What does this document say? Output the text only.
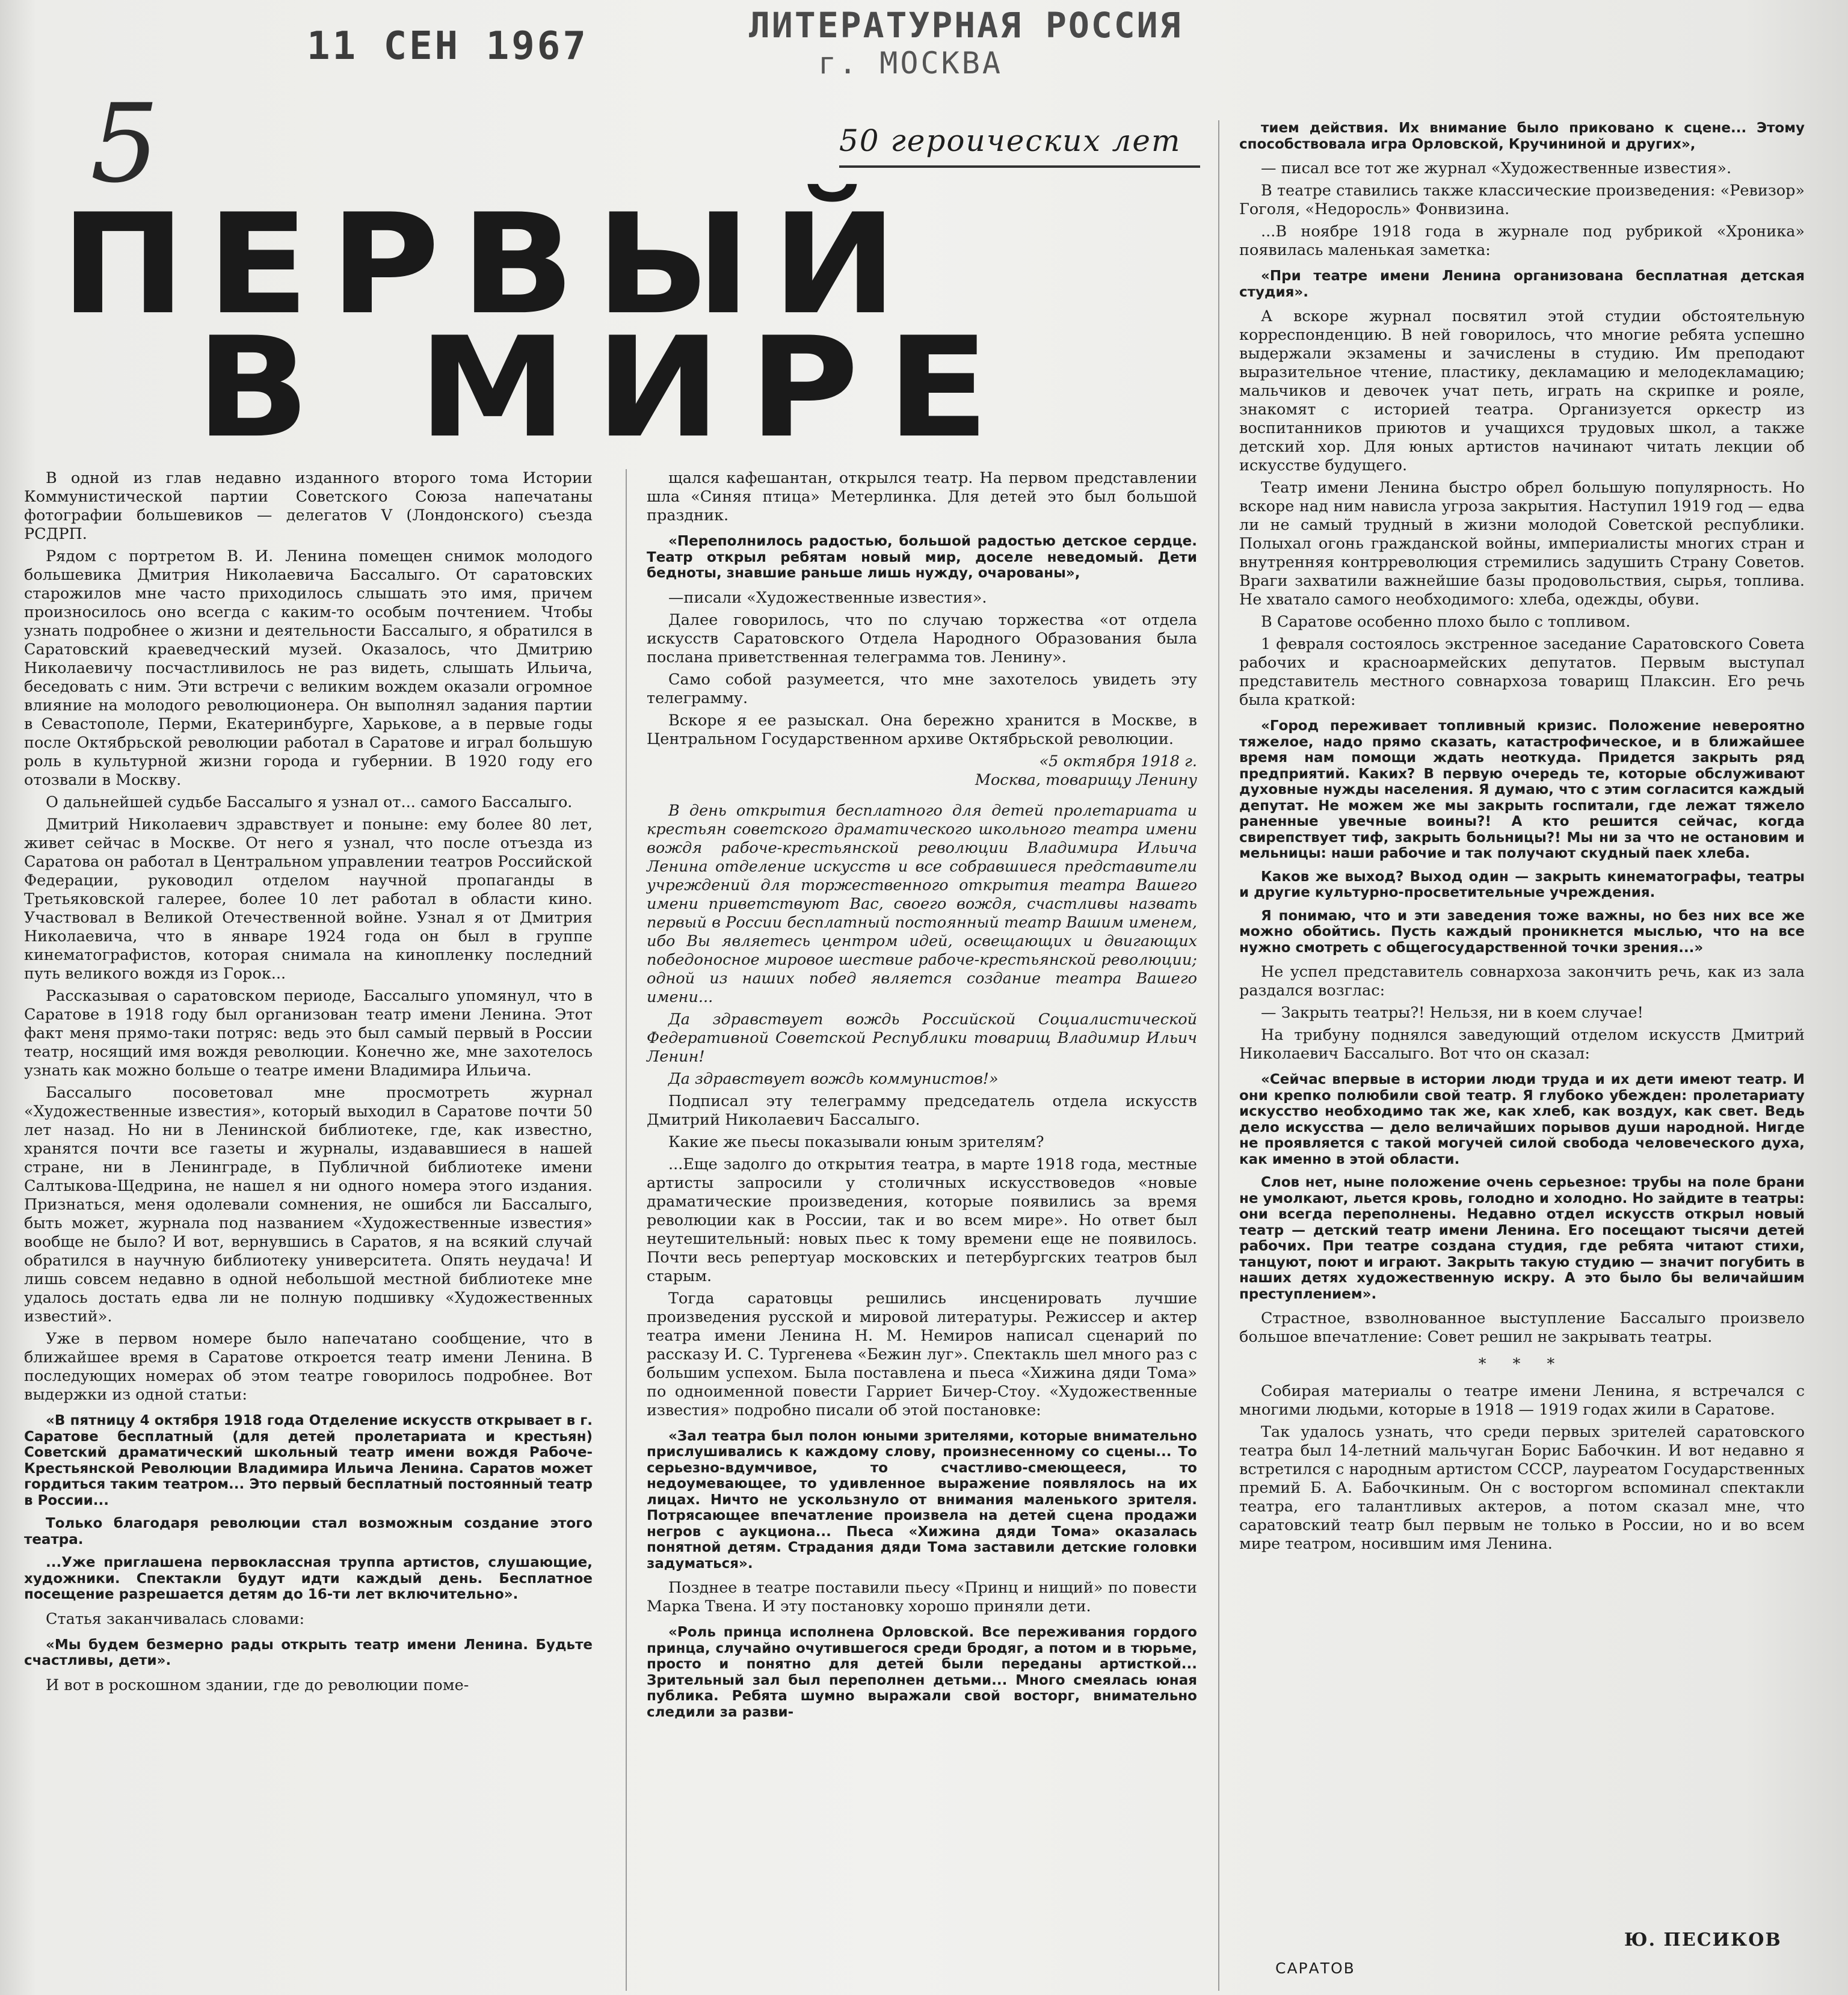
11 СЕН 1967	ЛИТЕРАТУРНАЯ РОССИЯ
г. МОСКВА
5	50 героических лет
ПЕРВЫЙ
В МИРЕ

В одной из глав недавно изданного второго тома Истории Коммунистической партии Советского Союза напечатаны фотографии большевиков — делегатов V (Лондонского) съезда РСДРП.

Рядом с портретом В. И. Ленина помещен снимок молодого большевика Дмитрия Николаевича Бассалыго. От саратовских старожилов мне часто приходилось слышать это имя, причем произносилось оно всегда с каким-то особым почтением. Чтобы узнать подробнее о жизни и деятельности Бассалыго, я обратился в Саратовский краеведческий музей. Оказалось, что Дмитрию Николаевичу посчастливилось не раз видеть, слышать Ильича, беседовать с ним. Эти встречи с великим вождем оказали огромное влияние на молодого революционера. Он выполнял задания партии в Севастополе, Перми, Екатеринбурге, Харькове, а в первые годы после Октябрьской революции работал в Саратове и играл большую роль в культурной жизни города и губернии. В 1920 году его отозвали в Москву.

О дальнейшей судьбе Бассалыго я узнал от... самого Бассалыго.

Дмитрий Николаевич здравствует и поныне: ему более 80 лет, живет сейчас в Москве. От него я узнал, что после отъезда из Саратова он работал в Центральном управлении театров Российской Федерации, руководил отделом научной пропаганды в Третьяковской галерее, более 10 лет работал в области кино. Участвовал в Великой Отечественной войне. Узнал я от Дмитрия Николаевича, что в январе 1924 года он был в группе кинематографистов, которая снимала на кинопленку последний путь великого вождя из Горок...

Рассказывая о саратовском периоде, Бассалыго упомянул, что в Саратове в 1918 году был организован театр имени Ленина. Этот факт меня прямо-таки потряс: ведь это был самый первый в России театр, носящий имя вождя революции. Конечно же, мне захотелось узнать как можно больше о театре имени Владимира Ильича.

Бассалыго посоветовал мне просмотреть журнал «Художественные известия», который выходил в Саратове почти 50 лет назад. Но ни в Ленинской библиотеке, где, как известно, хранятся почти все газеты и журналы, издававшиеся в нашей стране, ни в Ленинграде, в Публичной библиотеке имени Салтыкова-Щедрина, не нашел я ни одного номера этого издания. Признаться, меня одолевали сомнения, не ошибся ли Бассалыго, быть может, журнала под названием «Художественные известия» вообще не было? И вот, вернувшись в Саратов, я на всякий случай обратился в научную библиотеку университета. Опять неудача! И лишь совсем недавно в одной небольшой местной библиотеке мне удалось достать едва ли не полную подшивку «Художественных известий».

Уже в первом номере было напечатано сообщение, что в ближайшее время в Саратове откроется театр имени Ленина. В последующих номерах об этом театре говорилось подробнее. Вот выдержки из одной статьи:

«В пятницу 4 октября 1918 года Отделение искусств открывает в г. Саратове бесплатный (для детей пролетариата и крестьян) Советский драматический школьный театр имени вождя Рабоче-Крестьянской Революции Владимира Ильича Ленина. Саратов может гордиться таким театром... Это первый бесплатный постоянный театр в России...

Только благодаря революции стал возможным создание этого театра.

...Уже приглашена первоклассная труппа артистов, слушающие, художники. Спектакли будут идти каждый день. Бесплатное посещение разрешается детям до 16-ти лет включительно».

Статья заканчивалась словами:

«Мы будем безмерно рады открыть театр имени Ленина. Будьте счастливы, дети».

И вот в роскошном здании, где до революции поме-

щался кафешантан, открылся театр. На первом представлении шла «Синяя птица» Метерлинка. Для детей это был большой праздник.

«Переполнилось радостью, большой радостью детское сердце. Театр открыл ребятам новый мир, доселе неведомый. Дети бедноты, знавшие раньше лишь нужду, очарованы»,

—писали «Художественные известия».

Далее говорилось, что по случаю торжества «от отдела искусств Саратовского Отдела Народного Образования была послана приветственная телеграмма тов. Ленину».

Само собой разумеется, что мне захотелось увидеть эту телеграмму.

Вскоре я ее разыскал. Она бережно хранится в Москве, в Центральном Государственном архиве Октябрьской революции.

«5 октября 1918 г.

Москва, товарищу Ленину

В день открытия бесплатного для детей пролетариата и крестьян советского драматического школьного театра имени вождя рабоче-крестьянской революции Владимира Ильича Ленина отделение искусств и все собравшиеся представители учреждений для торжественного открытия театра Вашего имени приветствуют Вас, своего вождя, счастливы назвать первый в России бесплатный постоянный театр Вашим именем, ибо Вы являетесь центром идей, освещающих и двигающих победоносное мировое шествие рабоче-крестьянской революции; одной из наших побед является создание театра Вашего имени...

Да здравствует вождь Российской Социалистической Федеративной Советской Республики товарищ Владимир Ильич Ленин!

Да здравствует вождь коммунистов!»

Подписал эту телеграмму председатель отдела искусств Дмитрий Николаевич Бассалыго.

Какие же пьесы показывали юным зрителям?

...Еще задолго до открытия театра, в марте 1918 года, местные артисты запросили у столичных искусствоведов «новые драматические произведения, которые появились за время революции как в России, так и во всем мире». Но ответ был неутешительный: новых пьес к тому времени еще не появилось. Почти весь репертуар московских и петербургских театров был старым.

Тогда саратовцы решились инсценировать лучшие произведения русской и мировой литературы. Режиссер и актер театра имени Ленина Н. М. Немиров написал сценарий по рассказу И. С. Тургенева «Бежин луг». Спектакль шел много раз с большим успехом. Была поставлена и пьеса «Хижина дяди Тома» по одноименной повести Гарриет Бичер-Стоу. «Художественные известия» подробно писали об этой постановке:

«Зал театра был полон юными зрителями, которые внимательно прислушивались к каждому слову, произнесенному со сцены... То серьезно-вдумчивое, то счастливо-смеющееся, то недоумевающее, то удивленное выражение появлялось на их лицах. Ничто не ускользнуло от внимания маленького зрителя. Потрясающее впечатление произвела на детей сцена продажи негров с аукциона... Пьеса «Хижина дяди Тома» оказалась понятной детям. Страдания дяди Тома заставили детские головки задуматься».

Позднее в театре поставили пьесу «Принц и нищий» по повести Марка Твена. И эту постановку хорошо приняли дети.

«Роль принца исполнена Орловской. Все переживания гордого принца, случайно очутившегося среди бродяг, а потом и в тюрьме, просто и понятно для детей были переданы артисткой... Зрительный зал был переполнен детьми... Много смеялась юная публика. Ребята шумно выражали свой восторг, внимательно следили за разви-

тием действия. Их внимание было приковано к сцене... Этому способствовала игра Орловской, Кручининой и других»,

— писал все тот же журнал «Художественные известия».

В театре ставились также классические произведения: «Ревизор» Гоголя, «Недоросль» Фонвизина.

...В ноябре 1918 года в журнале под рубрикой «Хроника» появилась маленькая заметка:

«При театре имени Ленина организована бесплатная детская студия».

А вскоре журнал посвятил этой студии обстоятельную корреспонденцию. В ней говорилось, что многие ребята успешно выдержали экзамены и зачислены в студию. Им преподают выразительное чтение, пластику, декламацию и мелодекламацию; мальчиков и девочек учат петь, играть на скрипке и рояле, знакомят с историей театра. Организуется оркестр из воспитанников приютов и учащихся трудовых школ, а также детский хор. Для юных артистов начинают читать лекции об искусстве будущего.

Театр имени Ленина быстро обрел большую популярность. Но вскоре над ним нависла угроза закрытия. Наступил 1919 год — едва ли не самый трудный в жизни молодой Советской республики. Полыхал огонь гражданской войны, империалисты многих стран и внутренняя контрреволюция стремились задушить Страну Советов. Враги захватили важнейшие базы продовольствия, сырья, топлива. Не хватало самого необходимого: хлеба, одежды, обуви.

В Саратове особенно плохо было с топливом.

1 февраля состоялось экстренное заседание Саратовского Совета рабочих и красноармейских депутатов. Первым выступал представитель местного совнархоза товарищ Плаксин. Его речь была краткой:

«Город переживает топливный кризис. Положение невероятно тяжелое, надо прямо сказать, катастрофическое, и в ближайшее время нам помощи ждать неоткуда. Придется закрыть ряд предприятий. Каких? В первую очередь те, которые обслуживают духовные нужды населения. Я думаю, что с этим согласится каждый депутат. Не можем же мы закрыть госпитали, где лежат тяжело раненные увечные воины?! А кто решится сейчас, когда свирепствует тиф, закрыть больницы?! Мы ни за что не остановим и мельницы: наши рабочие и так получают скудный паек хлеба.

Каков же выход? Выход один — закрыть кинематографы, театры и другие культурно-просветительные учреждения.

Я понимаю, что и эти заведения тоже важны, но без них все же можно обойтись. Пусть каждый проникнется мыслью, что на все нужно смотреть с общегосударственной точки зрения...»

Не успел представитель совнархоза закончить речь, как из зала раздался возглас:

— Закрыть театры?! Нельзя, ни в коем случае!

На трибуну поднялся заведующий отделом искусств Дмитрий Николаевич Бассалыго. Вот что он сказал:

«Сейчас впервые в истории люди труда и их дети имеют театр. И они крепко полюбили свой театр. Я глубоко убежден: пролетариату искусство необходимо так же, как хлеб, как воздух, как свет. Ведь дело искусства — дело величайших порывов души народной. Нигде не проявляется с такой могучей силой свобода человеческого духа, как именно в этой области.

Слов нет, ныне положение очень серьезное: трубы на поле брани не умолкают, льется кровь, голодно и холодно. Но зайдите в театры: они всегда переполнены. Недавно отдел искусств открыл новый театр — детский театр имени Ленина. Его посещают тысячи детей рабочих. При театре создана студия, где ребята читают стихи, танцуют, поют и играют. Закрыть такую студию — значит погубить в наших детях художественную искру. А это было бы величайшим преступлением».

Страстное, взволнованное выступление Бассалыго произвело большое впечатление: Совет решил не закрывать театры.

* * *

Собирая материалы о театре имени Ленина, я встречался с многими людьми, которые в 1918 — 1919 годах жили в Саратове.

Так удалось узнать, что среди первых зрителей саратовского театра был 14-летний мальчуган Борис Бабочкин. И вот недавно я встретился с народным артистом СССР, лауреатом Государственных премий Б. А. Бабочкиным. Он с восторгом вспоминал спектакли театра, его талантливых актеров, а потом сказал мне, что саратовский театр был первым не только в России, но и во всем мире театром, носившим имя Ленина.

САРАТОВ
Ю. ПЕСИКОВ
